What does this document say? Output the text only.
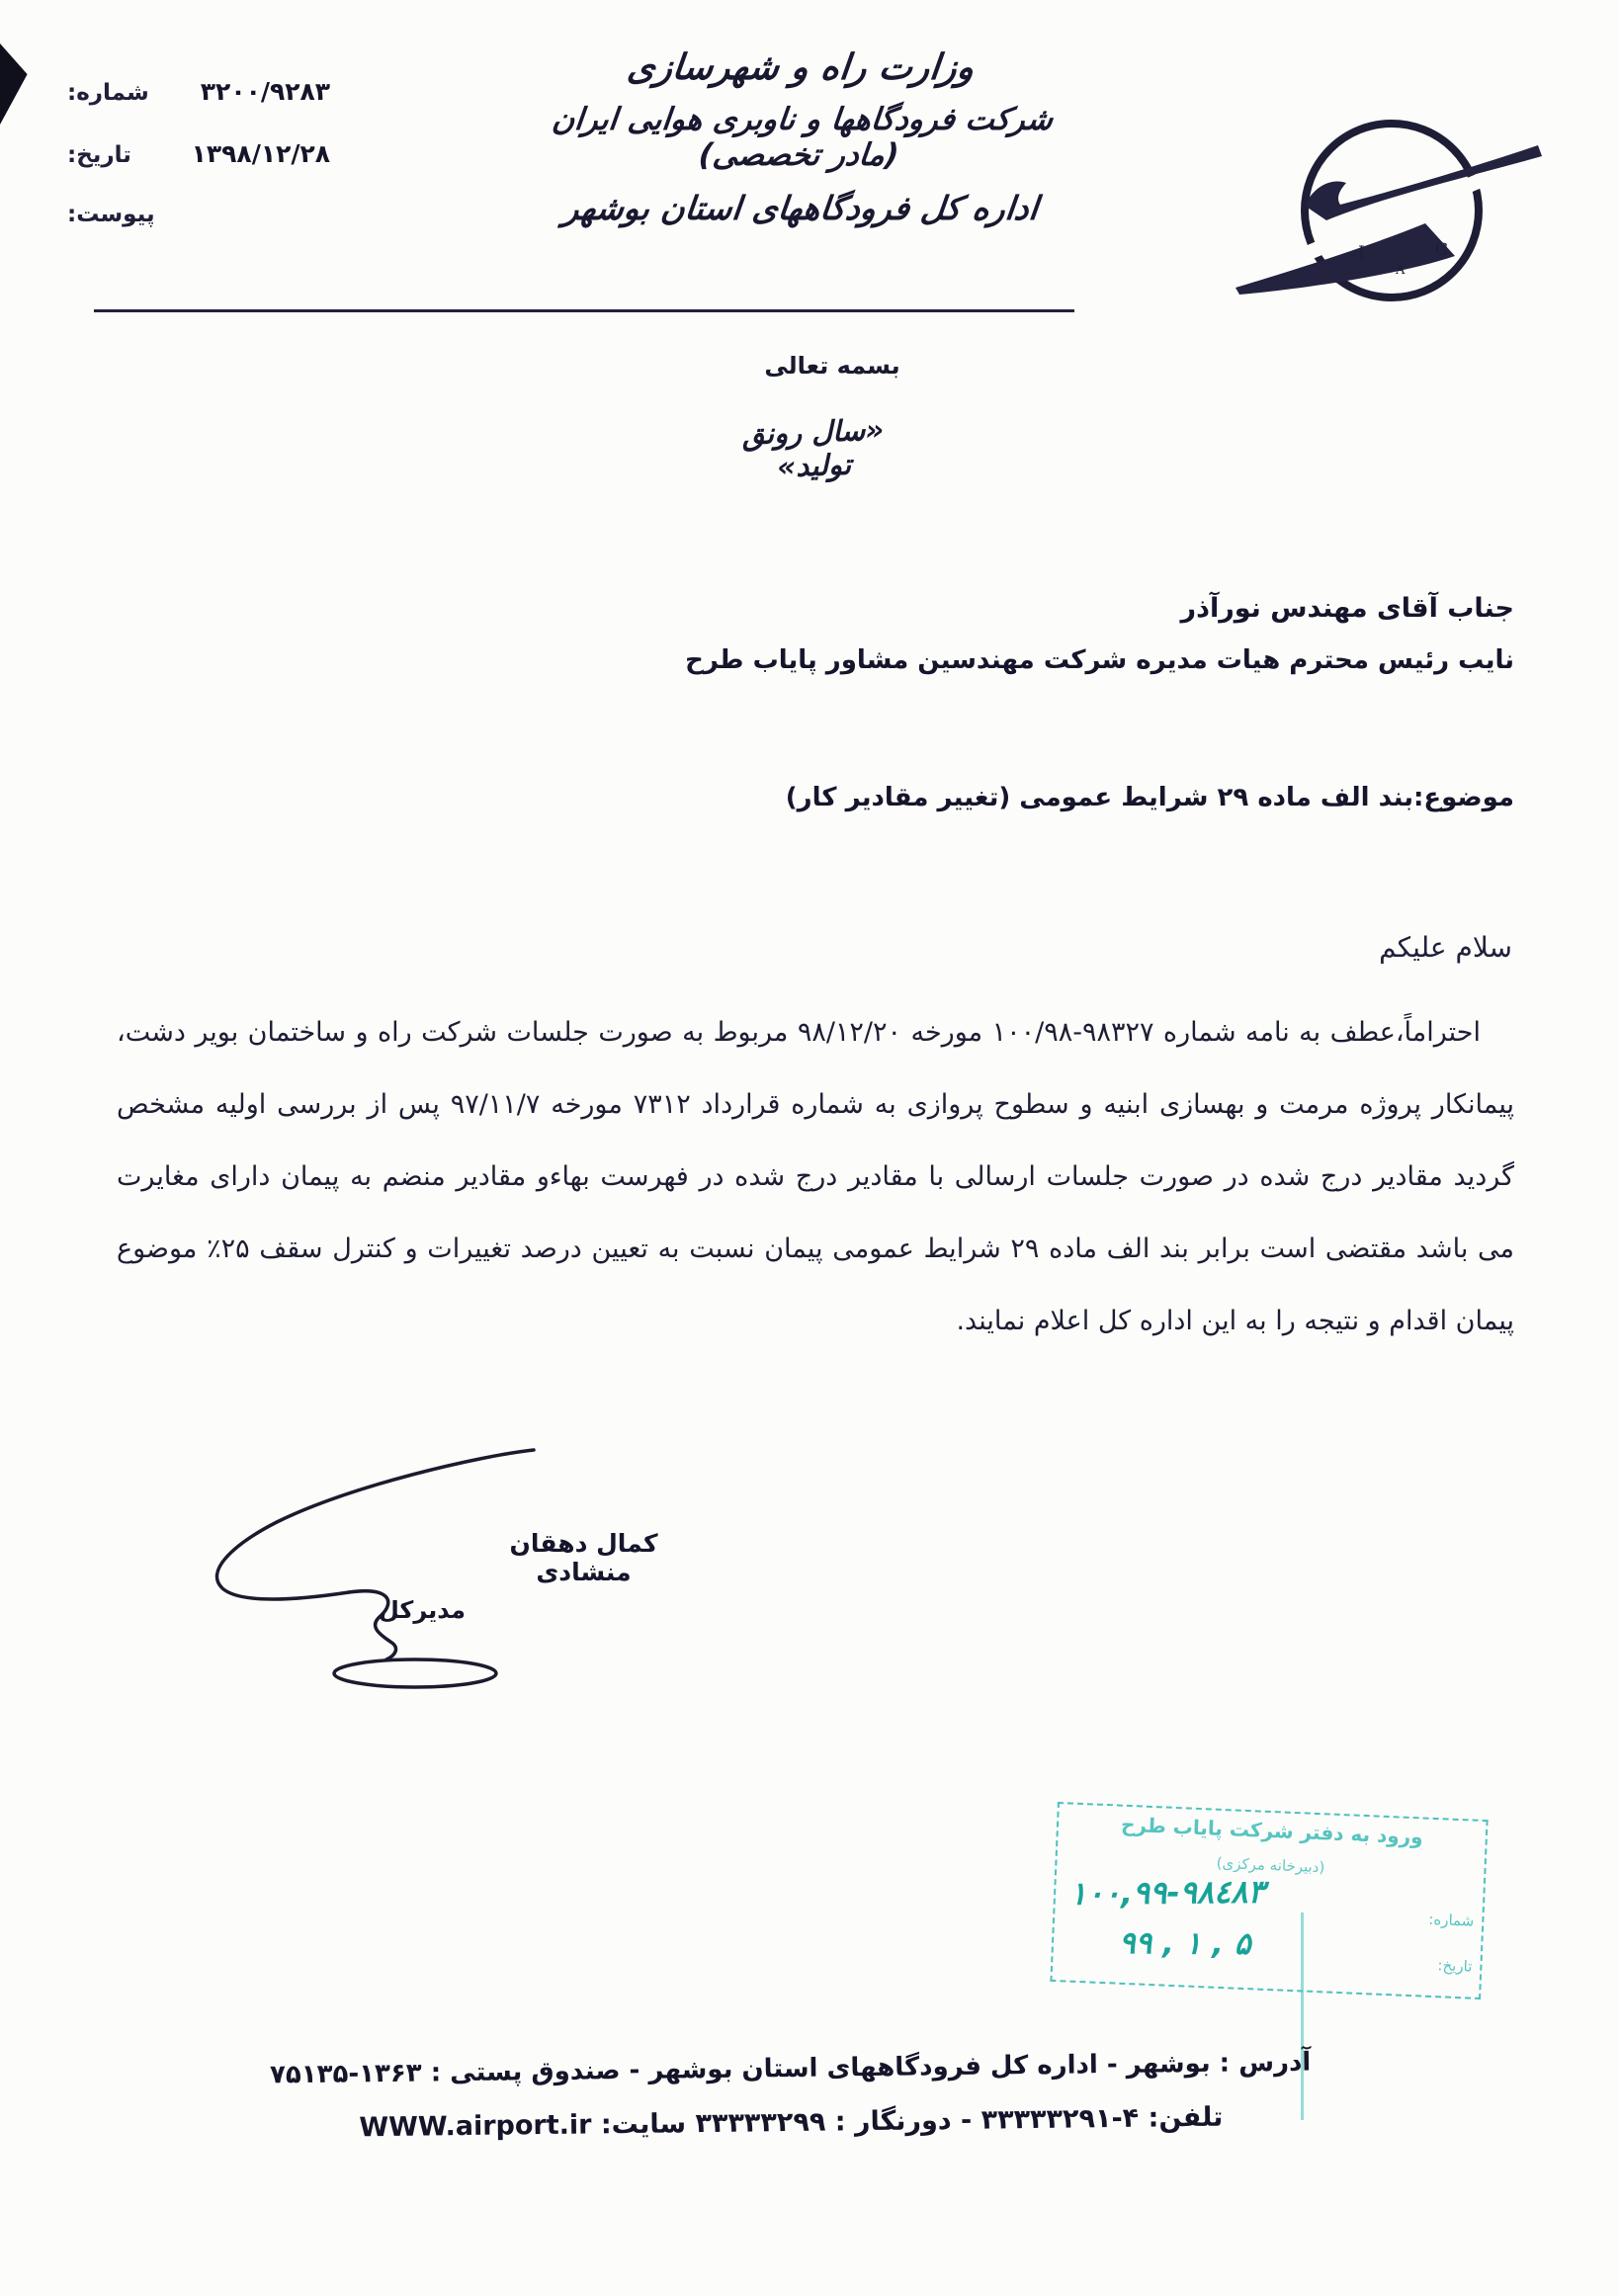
شماره: ۳۲۰۰/۹۲۸۳
تاریخ: ۱۳۹۸/۱۲/۲۸
پیوست:
وزارت راه و شهرسازی
شرکت فرودگاهها و ناوبری هوایی ایران (مادر تخصصی)
اداره کل فرودگاههای استان بوشهر
I	C
A
بسمه تعالی
«سال رونق تولید»
جناب آقای مهندس نورآذر
نایب رئیس محترم هیات مدیره شرکت مهندسین مشاور پایاب طرح
موضوع:بند الف ماده ۲۹ شرایط عمومی (تغییر مقادیر کار)
سلام علیکم
احتراماً،عطف به نامه شماره ۹۸۳۲۷-۱۰۰/۹۸ مورخه ۹۸/۱۲/۲۰ مربوط به صورت جلسات شرکت راه و ساختمان بویر دشت، پیمانکار پروژه مرمت و بهسازی ابنیه و سطوح پروازی به شماره قرارداد ۷۳۱۲ مورخه ۹۷/۱۱/۷ پس از بررسی اولیه مشخص گردید مقادیر درج شده در صورت جلسات ارسالی با مقادیر درج شده در فهرست بهاءو مقادیر منضم به پیمان دارای مغایرت می باشد مقتضی است برابر بند الف ماده ۲۹ شرایط عمومی پیمان نسبت به تعیین درصد تغییرات و کنترل سقف ۲۵٪ موضوع پیمان اقدام و نتیجه را به این اداره کل اعلام نمایند.
کمال دهقان منشادی
مدیرکل
ورود به دفتر شرکت پایاب طرح
(دبیرخانه مرکزی)
شماره:
۱۰۰,۹۹-۹۸٤۸۳
تاریخ:
۹۹ , ۱ , ۵
آدرس : بوشهر - اداره کل فرودگاههای استان بوشهر - صندوق پستی : ۱۳۶۳-۷۵۱۳۵
تلفن: ۴-۳۳۳۳۳۲۹۱ - دورنگار : ۳۳۳۳۳۲۹۹ سایت: WWW.airport.ir
